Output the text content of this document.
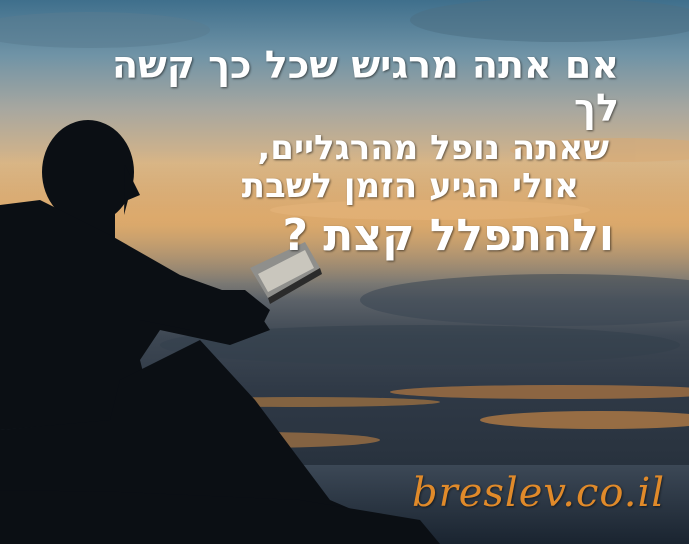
אם אתה מרגיש שכל כך קשה לך
שאתה נופל מהרגליים,
אולי הגיע הזמן לשבת
ולהתפלל קצת ?
breslev.co.il
